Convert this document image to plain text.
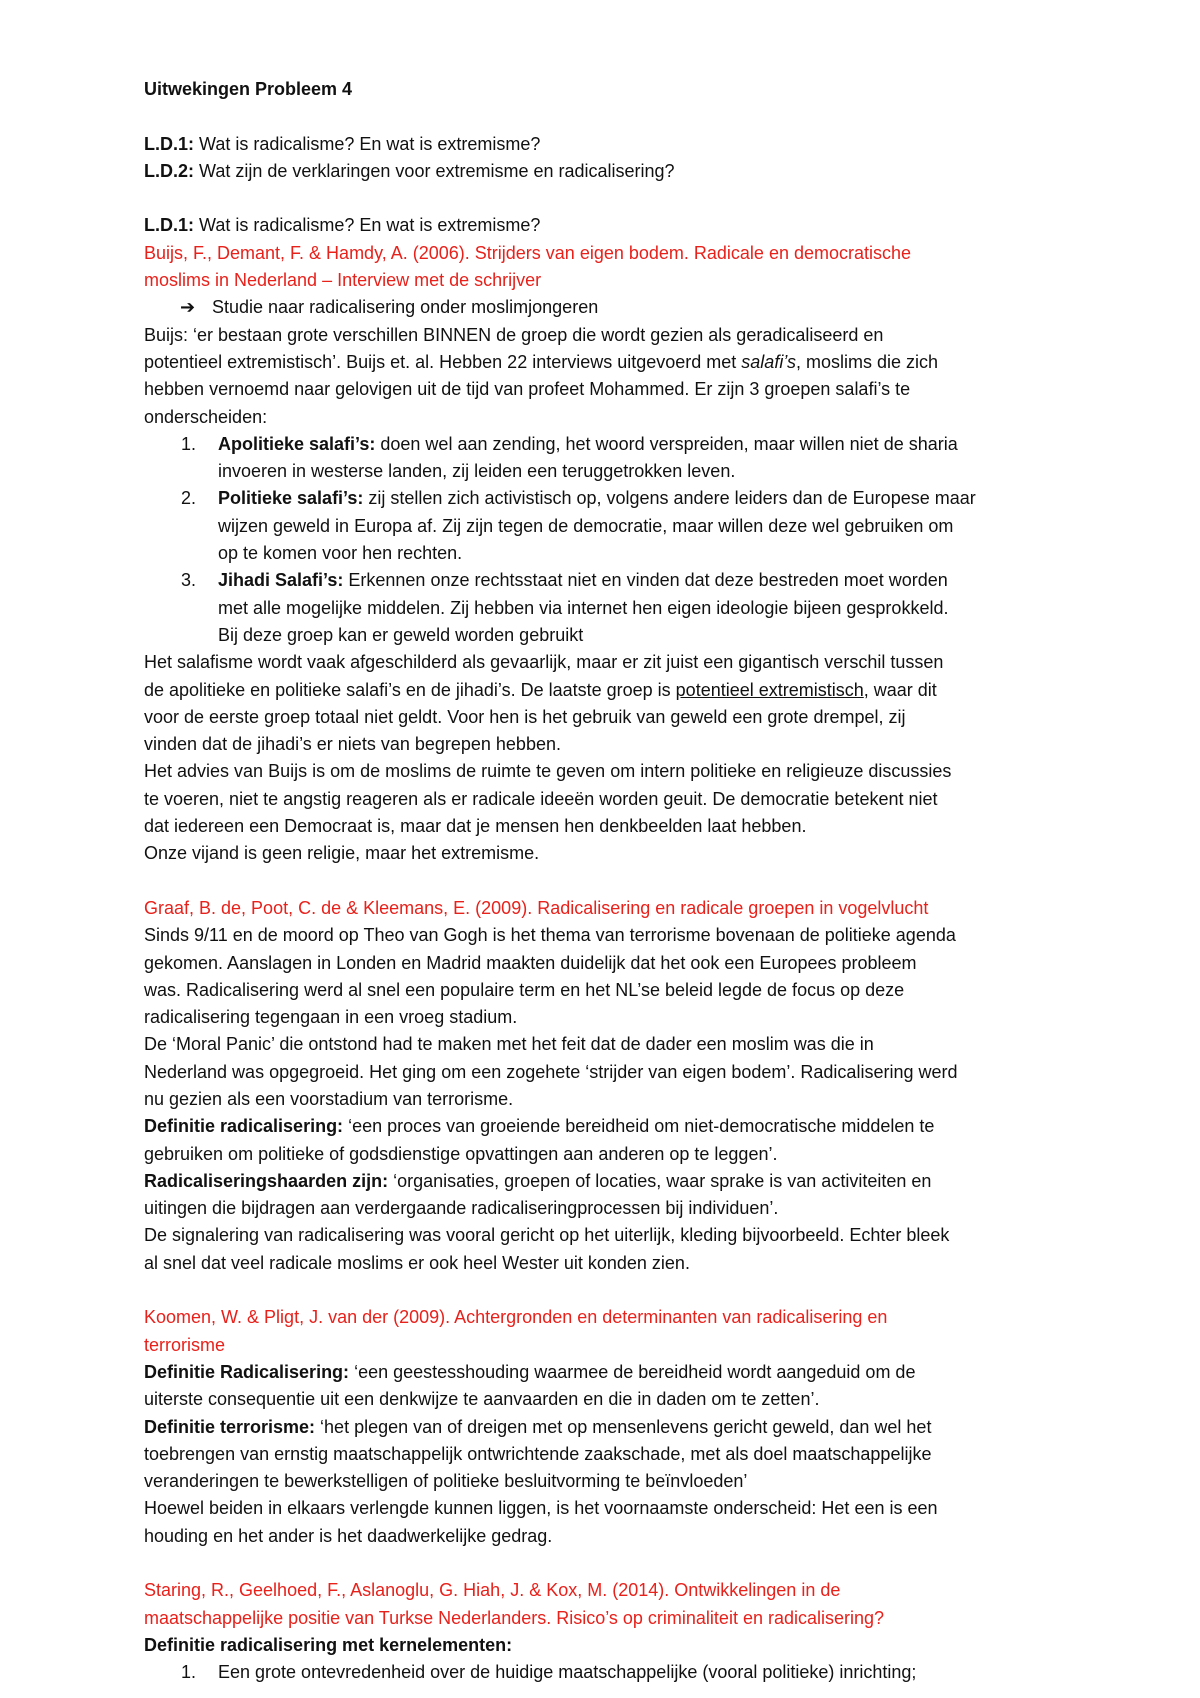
Uitwekingen Probleem 4
L.D.1: Wat is radicalisme? En wat is extremisme?
L.D.2: Wat zijn de verklaringen voor extremisme en radicalisering?
L.D.1: Wat is radicalisme? En wat is extremisme?
Buijs, F., Demant, F. & Hamdy, A. (2006). Strijders van eigen bodem. Radicale en democratische
moslims in Nederland – Interview met de schrijver
➔ Studie naar radicalisering onder moslimjongeren
Buijs: ‘er bestaan grote verschillen BINNEN de groep die wordt gezien als geradicaliseerd en
potentieel extremistisch’. Buijs et. al. Hebben 22 interviews uitgevoerd met salafi’s, moslims die zich
hebben vernoemd naar gelovigen uit de tijd van profeet Mohammed. Er zijn 3 groepen salafi’s te
onderscheiden:
1. Apolitieke salafi’s: doen wel aan zending, het woord verspreiden, maar willen niet de sharia
invoeren in westerse landen, zij leiden een teruggetrokken leven.
2. Politieke salafi’s: zij stellen zich activistisch op, volgens andere leiders dan de Europese maar
wijzen geweld in Europa af. Zij zijn tegen de democratie, maar willen deze wel gebruiken om
op te komen voor hen rechten.
3. Jihadi Salafi’s: Erkennen onze rechtsstaat niet en vinden dat deze bestreden moet worden
met alle mogelijke middelen. Zij hebben via internet hen eigen ideologie bijeen gesprokkeld.
Bij deze groep kan er geweld worden gebruikt
Het salafisme wordt vaak afgeschilderd als gevaarlijk, maar er zit juist een gigantisch verschil tussen
de apolitieke en politieke salafi’s en de jihadi’s. De laatste groep is potentieel extremistisch, waar dit
voor de eerste groep totaal niet geldt. Voor hen is het gebruik van geweld een grote drempel, zij
vinden dat de jihadi’s er niets van begrepen hebben.
Het advies van Buijs is om de moslims de ruimte te geven om intern politieke en religieuze discussies
te voeren, niet te angstig reageren als er radicale ideeën worden geuit. De democratie betekent niet
dat iedereen een Democraat is, maar dat je mensen hen denkbeelden laat hebben.
Onze vijand is geen religie, maar het extremisme.
Graaf, B. de, Poot, C. de & Kleemans, E. (2009). Radicalisering en radicale groepen in vogelvlucht
Sinds 9/11 en de moord op Theo van Gogh is het thema van terrorisme bovenaan de politieke agenda
gekomen. Aanslagen in Londen en Madrid maakten duidelijk dat het ook een Europees probleem
was. Radicalisering werd al snel een populaire term en het NL’se beleid legde de focus op deze
radicalisering tegengaan in een vroeg stadium.
De ‘Moral Panic’ die ontstond had te maken met het feit dat de dader een moslim was die in
Nederland was opgegroeid. Het ging om een zogehete ‘strijder van eigen bodem’. Radicalisering werd
nu gezien als een voorstadium van terrorisme.
Definitie radicalisering: ‘een proces van groeiende bereidheid om niet-democratische middelen te
gebruiken om politieke of godsdienstige opvattingen aan anderen op te leggen’.
Radicaliseringshaarden zijn: ‘organisaties, groepen of locaties, waar sprake is van activiteiten en
uitingen die bijdragen aan verdergaande radicaliseringprocessen bij individuen’.
De signalering van radicalisering was vooral gericht op het uiterlijk, kleding bijvoorbeeld. Echter bleek
al snel dat veel radicale moslims er ook heel Wester uit konden zien.
Koomen, W. & Pligt, J. van der (2009). Achtergronden en determinanten van radicalisering en
terrorisme
Definitie Radicalisering: ‘een geestesshouding waarmee de bereidheid wordt aangeduid om de
uiterste consequentie uit een denkwijze te aanvaarden en die in daden om te zetten’.
Definitie terrorisme: ‘het plegen van of dreigen met op mensenlevens gericht geweld, dan wel het
toebrengen van ernstig maatschappelijk ontwrichtende zaakschade, met als doel maatschappelijke
veranderingen te bewerkstelligen of politieke besluitvorming te beïnvloeden’
Hoewel beiden in elkaars verlengde kunnen liggen, is het voornaamste onderscheid: Het een is een
houding en het ander is het daadwerkelijke gedrag.
Staring, R., Geelhoed, F., Aslanoglu, G. Hiah, J. & Kox, M. (2014). Ontwikkelingen in de
maatschappelijke positie van Turkse Nederlanders. Risico’s op criminaliteit en radicalisering?
Definitie radicalisering met kernelementen:
1. Een grote ontevredenheid over de huidige maatschappelijke (vooral politieke) inrichting;
